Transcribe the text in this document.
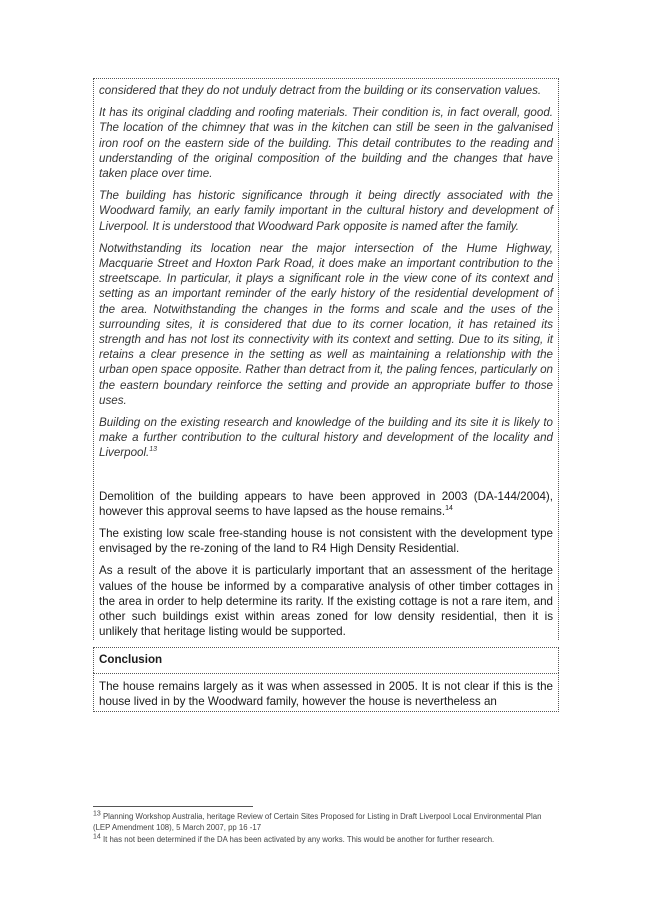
considered that they do not unduly detract from the building or its conservation values.

It has its original cladding and roofing materials. Their condition is, in fact overall, good. The location of the chimney that was in the kitchen can still be seen in the galvanised iron roof on the eastern side of the building. This detail contributes to the reading and understanding of the original composition of the building and the changes that have taken place over time.

The building has historic significance through it being directly associated with the Woodward family, an early family important in the cultural history and development of Liverpool. It is understood that Woodward Park opposite is named after the family.

Notwithstanding its location near the major intersection of the Hume Highway, Macquarie Street and Hoxton Park Road, it does make an important contribution to the streetscape. In particular, it plays a significant role in the view cone of its context and setting as an important reminder of the early history of the residential development of the area. Notwithstanding the changes in the forms and scale and the uses of the surrounding sites, it is considered that due to its corner location, it has retained its strength and has not lost its connectivity with its context and setting. Due to its siting, it retains a clear presence in the setting as well as maintaining a relationship with the urban open space opposite. Rather than detract from it, the paling fences, particularly on the eastern boundary reinforce the setting and provide an appropriate buffer to those uses.

Building on the existing research and knowledge of the building and its site it is likely to make a further contribution to the cultural history and development of the locality and Liverpool.$^{13}$

Demolition of the building appears to have been approved in 2003 (DA-144/2004), however this approval seems to have lapsed as the house remains.$^{14}$

The existing low scale free-standing house is not consistent with the development type envisaged by the re-zoning of the land to R4 High Density Residential.

As a result of the above it is particularly important that an assessment of the heritage values of the house be informed by a comparative analysis of other timber cottages in the area in order to help determine its rarity. If the existing cottage is not a rare item, and other such buildings exist within areas zoned for low density residential, then it is unlikely that heritage listing would be supported.

Conclusion

The house remains largely as it was when assessed in 2005. It is not clear if this is the house lived in by the Woodward family, however the house is nevertheless an

13 Planning Workshop Australia, heritage Review of Certain Sites Proposed for Listing in Draft Liverpool Local Environmental Plan (LEP Amendment 108), 5 March 2007, pp 16 -17

14 It has not been determined if the DA has been activated by any works. This would be another for further research.
